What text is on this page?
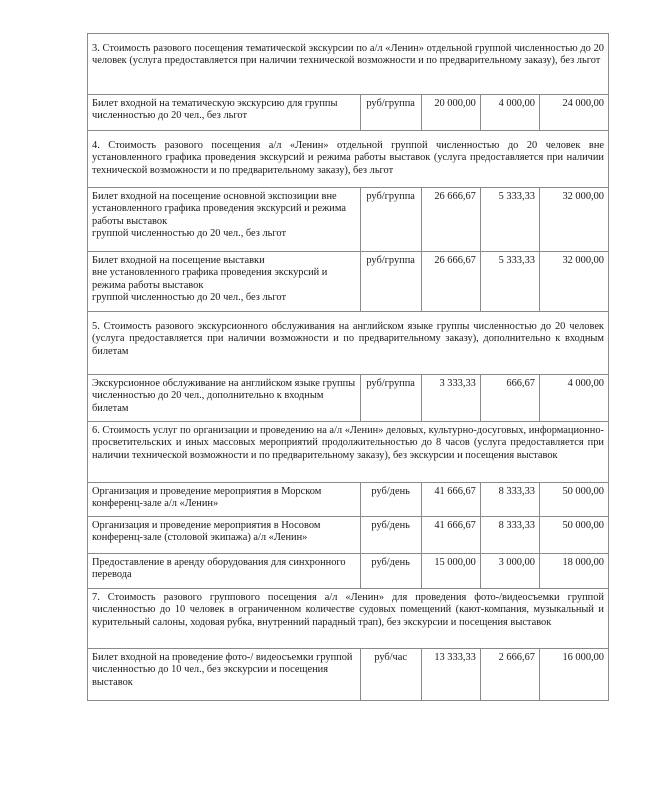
3. Стоимость разового посещения тематической экскурсии по а/л «Ленин» отдельной группой численностью до 20 человек (услуга предоставляется при наличии технической возможности и по предварительному заказу), без льгот				
Билет входной на тематическую экскурсию для группы численностью до 20 чел., без льгот	руб/группа	20 000,00	4 000,00	24 000,00
4. Стоимость разового посещения а/л «Ленин» отдельной группой численностью до 20 человек вне установленного графика проведения экскурсий и режима работы выставок (услуга предоставляется при наличии технической возможности и по предварительному заказу), без льгот				

Билет входной на посещение основной экспозиции вне установленного графика проведения экскурсий и режима работы выставок
группой численностью до 20 чел., без льгот	руб/группа	26 666,67	5 333,33	32 000,00

Билет входной на посещение выставки
вне установленного графика проведения экскурсий и режима работы выставок
группой численностью до 20 чел., без льгот	руб/группа	26 666,67	5 333,33	32 000,00
5. Стоимость разового экскурсионного обслуживания на английском языке группы численностью до 20 человек (услуга предоставляется при наличии возможности и по предварительному заказу), дополнительно к входным билетам				
Экскурсионное обслуживание на английском языке группы численностью до 20 чел., дополнительно к входным билетам	руб/группа	3 333,33	666,67	4 000,00
6. Стоимость услуг по организации и проведению на а/л «Ленин» деловых, культурно-досуговых, информационно-просветительских и иных массовых мероприятий продолжительностью до 8 часов (услуга предоставляется при наличии технической возможности и по предварительному заказу), без экскурсии и посещения выставок				
Организация и проведение мероприятия в Морском конференц-зале а/л «Ленин»	руб/день	41 666,67	8 333,33	50 000,00
Организация и проведение мероприятия в Носовом конференц-зале (столовой экипажа) а/л «Ленин»	руб/день	41 666,67	8 333,33	50 000,00
Предоставление в аренду оборудования для синхронного перевода	руб/день	15 000,00	3 000,00	18 000,00
7. Стоимость разового группового посещения а/л «Ленин» для проведения фото-/видеосъемки группой численностью до 10 человек в ограниченном количестве судовых помещений (кают-компания, музыкальный и курительный салоны, ходовая рубка, внутренний парадный трап), без экскурсии и посещения выставок				
Билет входной на проведение фото-/ видеосъемки группой численностью до 10 чел., без экскурсии и посещения выставок	руб/час	13 333,33	2 666,67	16 000,00
